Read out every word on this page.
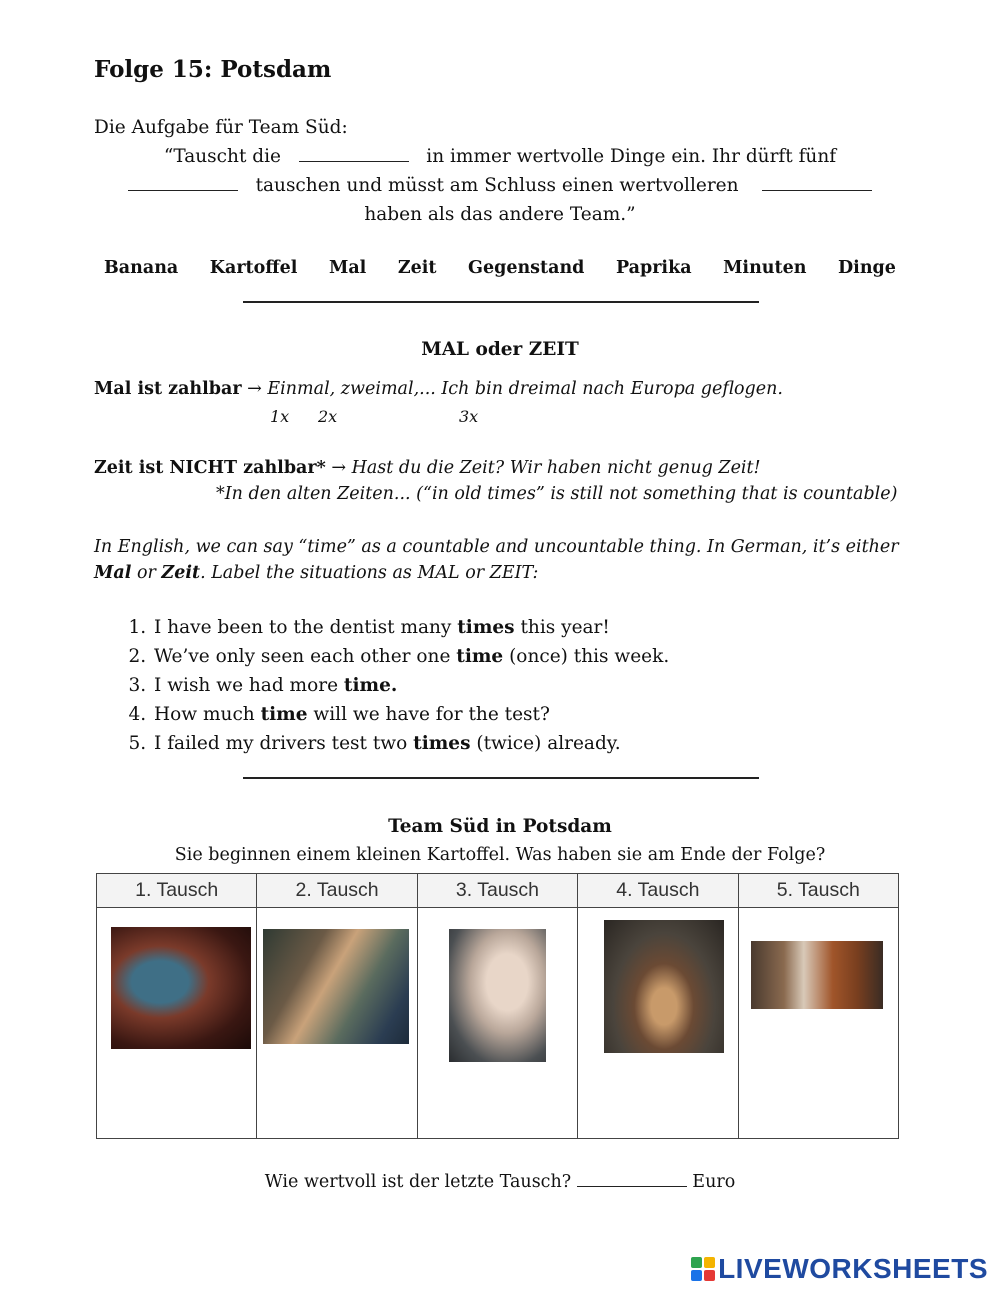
Folge 15: Potsdam
Die Aufgabe für Team Süd:
“Tauscht die	in immer wertvolle Dinge ein. Ihr dürft fünf
tauschen und müsst am Schluss einen wertvolleren
haben als das andere Team.”
Banana Kartoffel Mal Zeit Gegenstand Paprika Minuten Dinge
MAL oder ZEIT
Mal ist zahlbar → Einmal, zweimal,... Ich bin dreimal nach Europa geflogen.
1x 2x	3x
Zeit ist NICHT zahlbar* → Hast du die Zeit? Wir haben nicht genug Zeit!
*In den alten Zeiten... (“in old times” is still not something that is countable)
In English, we can say “time” as a countable and uncountable thing. In German, it’s either
Mal or Zeit. Label the situations as MAL or ZEIT:
1. I have been to the dentist many times this year!
2. We’ve only seen each other one time (once) this week.
3. I wish we had more time.
4. How much time will we have for the test?
5. I failed my drivers test two times (twice) already.
Team Süd in Potsdam
Sie beginnen einem kleinen Kartoffel. Was haben sie am Ende der Folge?
1. Tausch	2. Tausch	3. Tausch	4. Tausch	5. Tausch

Wie wertvoll ist der letzte Tausch?	Euro
LIVEWORKSHEETS
